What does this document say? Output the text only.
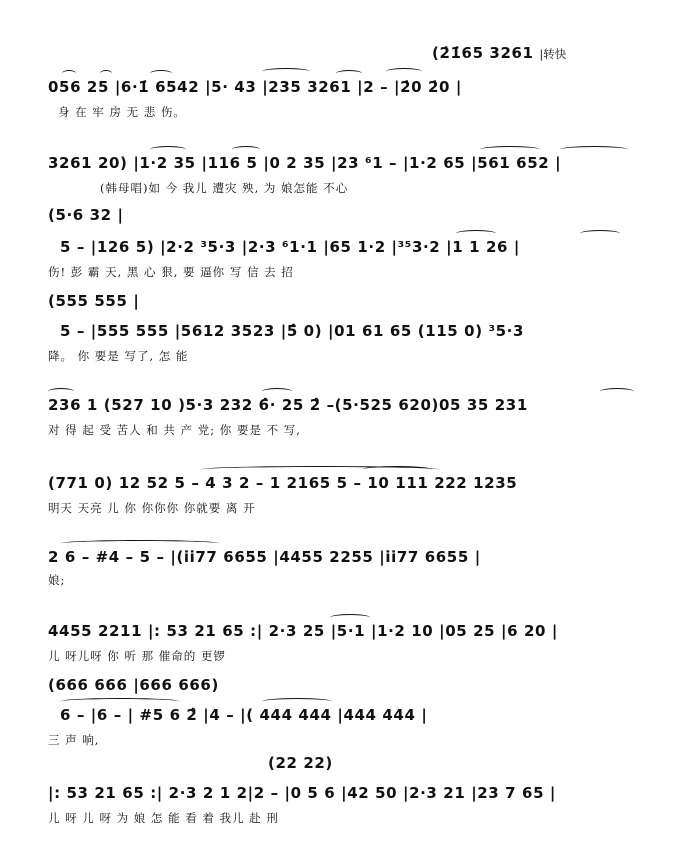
(2̇1̇65 3261 |转快
056 25 |6·1̇ 6542 |5· 43 |235 3261 |2 – |2̇0 2̇0 |
身 在 牢 房 无 悲 伤。
3261 20) |1·2 35 |116 5 |0 2 35 |23 ⁶1 – |1·2 65 |561 652 |
(韩母唱)如 今 我儿 遭灾 殃, 为 娘怎能 不心
(5·6 32 |
5 – |126 5) |2·2 ³5·3 |2·3 ⁶1·1 |65 1·2 |³⁵3·2 |1 1 26 |
伤! 彭 霸 天, 黑 心 狠, 要 逼你 写 信 去 招
(555 555 |
5 – |555 555 |5612 3523 |5̂ 0) |01 61 65 (115 0) ³5·3
降。 你 要是 写了, 怎 能
236 1 (527 10 )5·3 232 6̂· 25 2̂ –(5·525 620)05 35 231
对 得 起 受 苦人 和 共 产 党; 你 要是 不 写,
(771 0) 12 52 5 – 4 3 2 – 1 2165 5 – 10 111 222 1235
明天 天亮 儿 你 你你你 你就要 离 开
2 6 – #4 – 5 – |(i̇i̇77 6655 |4455 2255 |i̇i̇77 6655 |
娘;
4455 2211 |: 53 21 65 :| 2·3 25 |5·1 |1·2 10 |05 25 |6 20 |
儿 呀儿呀 你 听 那 催命的 更锣
(666 666 |666 666)
6 – |6 – | #5 6 2̂ |4 – |( 444 444 |444 444 |
三 声 响,
(22 22)
|: 53 21 65 :| 2·3 2 1 2|2 – |0 5 6 |42 50 |2·3 21 |23 7 65 |
儿 呀 儿 呀 为 娘 怎 能 看 着 我儿 赴 刑
